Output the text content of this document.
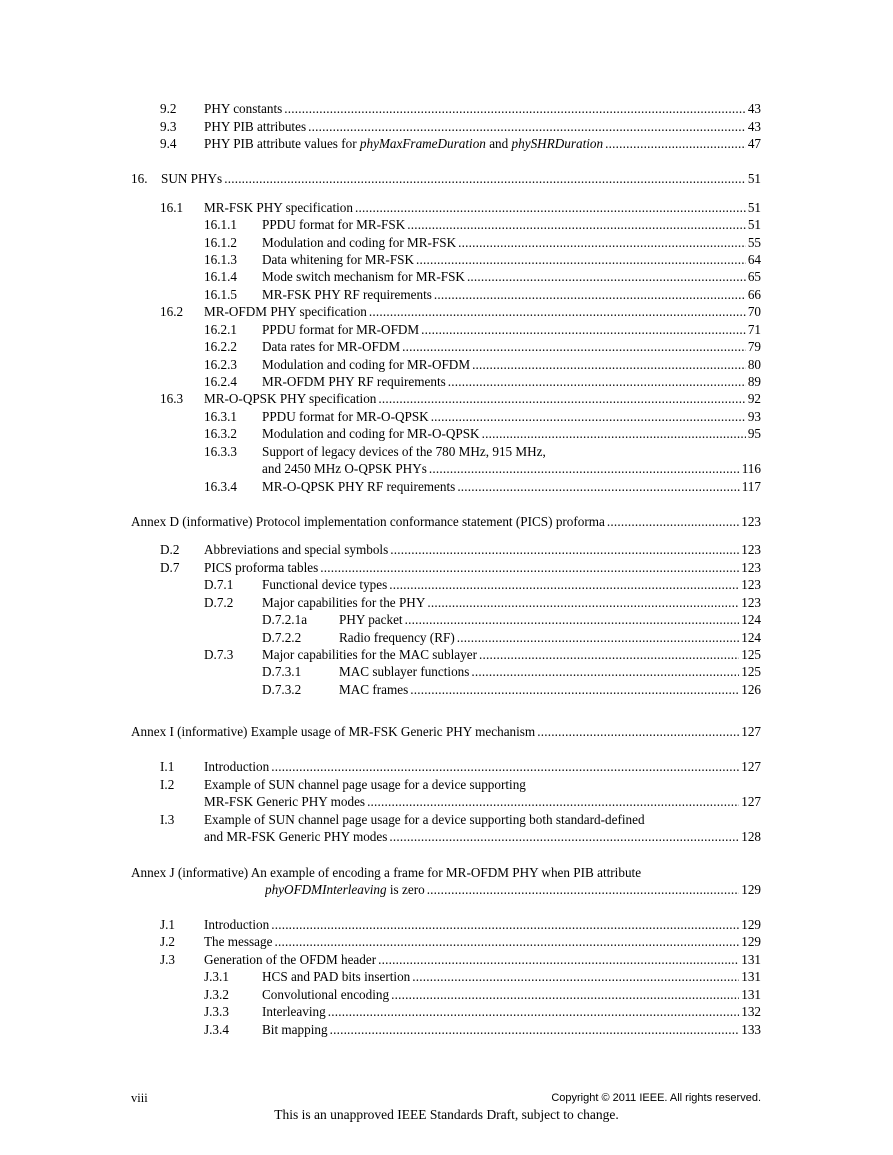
9.2 PHY constants .....	43
9.3 PHY PIB attributes .....	43
9.4 PHY PIB attribute values for phyMaxFrameDuration and phySHRDuration .....	47
16. SUN PHYs .....	51
16.1 MR-FSK PHY specification .....	51
16.1.1 PPDU format for MR-FSK .....	51
16.1.2 Modulation and coding for MR-FSK .....	55
16.1.3 Data whitening for MR-FSK .....	64
16.1.4 Mode switch mechanism for MR-FSK .....	65
16.1.5 MR-FSK PHY RF requirements .....	66
16.2 MR-OFDM PHY specification .....	70
16.2.1 PPDU format for MR-OFDM .....	71
16.2.2 Data rates for MR-OFDM .....	79
16.2.3 Modulation and coding for MR-OFDM .....	80
16.2.4 MR-OFDM PHY RF requirements .....	89
16.3 MR-O-QPSK PHY specification .....	92
16.3.1 PPDU format for MR-O-QPSK .....	93
16.3.2 Modulation and coding for MR-O-QPSK .....	95
16.3.3 Support of legacy devices of the 780 MHz, 915 MHz,
and 2450 MHz O-QPSK PHYs .....	116
16.3.4 MR-O-QPSK PHY RF requirements .....	117
Annex D (informative) Protocol implementation conformance statement (PICS) proforma .....	123
D.2 Abbreviations and special symbols .....	123
D.7 PICS proforma tables .....	123
D.7.1 Functional device types .....	123
D.7.2 Major capabilities for the PHY .....	123
D.7.2.1a PHY packet .....	124
D.7.2.2	Radio frequency (RF) .....	124
D.7.3 Major capabilities for the MAC sublayer .....	125
D.7.3.1	MAC sublayer functions .....	125
D.7.3.2	MAC frames .....	126
Annex I (informative) Example usage of MR-FSK Generic PHY mechanism .....	127
I.1 Introduction .....	127
I.2 Example of SUN channel page usage for a device supporting
MR-FSK Generic PHY modes .....	127
I.3 Example of SUN channel page usage for a device supporting both standard-defined
and MR-FSK Generic PHY modes .....	128
Annex J (informative) An example of encoding a frame for MR-OFDM PHY when PIB attribute
phyOFDMInterleaving is zero .....	129
J.1 Introduction .....	129
J.2 The message .....	129
J.3 Generation of the OFDM header .....	131
J.3.1	HCS and PAD bits insertion .....	131
J.3.2	Convolutional encoding .....	131
J.3.3	Interleaving .....	132
J.3.4	Bit mapping .....	133
viii	Copyright © 2011 IEEE. All rights reserved.
This is an unapproved IEEE Standards Draft, subject to change.
